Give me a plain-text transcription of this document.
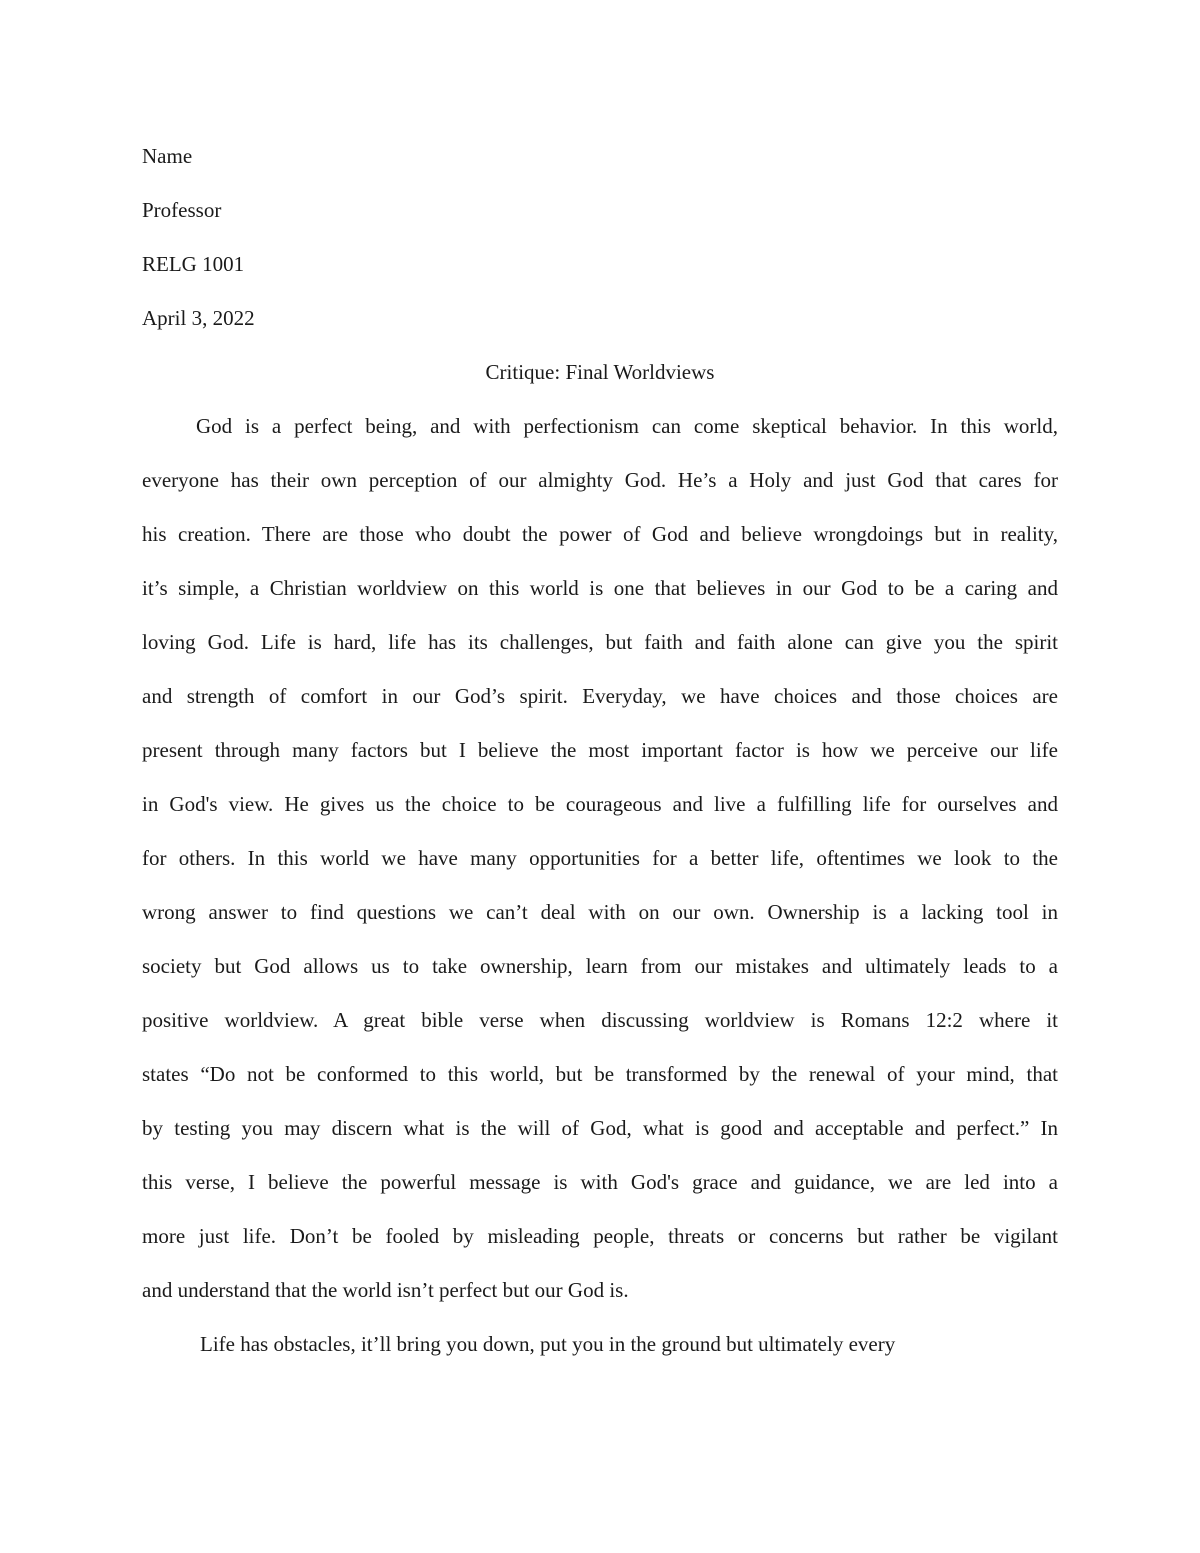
Name
Professor
RELG 1001
April 3, 2022
Critique: Final Worldviews
God is a perfect being, and with perfectionism can come skeptical behavior. In this world,
everyone has their own perception of our almighty God. He’s a Holy and just God that cares for
his creation. There are those who doubt the power of God and believe wrongdoings but in reality,
it’s simple, a Christian worldview on this world is one that believes in our God to be a caring and
loving God. Life is hard, life has its challenges, but faith and faith alone can give you the spirit
and strength of comfort in our God’s spirit. Everyday, we have choices and those choices are
present through many factors but I believe the most important factor is how we perceive our life
in God's view. He gives us the choice to be courageous and live a fulfilling life for ourselves and
for others. In this world we have many opportunities for a better life, oftentimes we look to the
wrong answer to find questions we can’t deal with on our own. Ownership is a lacking tool in
society but God allows us to take ownership, learn from our mistakes and ultimately leads to a
positive worldview. A great bible verse when discussing worldview is Romans 12:2 where it
states “Do not be conformed to this world, but be transformed by the renewal of your mind, that
by testing you may discern what is the will of God, what is good and acceptable and perfect.” In
this verse, I believe the powerful message is with God's grace and guidance, we are led into a
more just life. Don’t be fooled by misleading people, threats or concerns but rather be vigilant
and understand that the world isn’t perfect but our God is.
Life has obstacles, it’ll bring you down, put you in the ground but ultimately every
